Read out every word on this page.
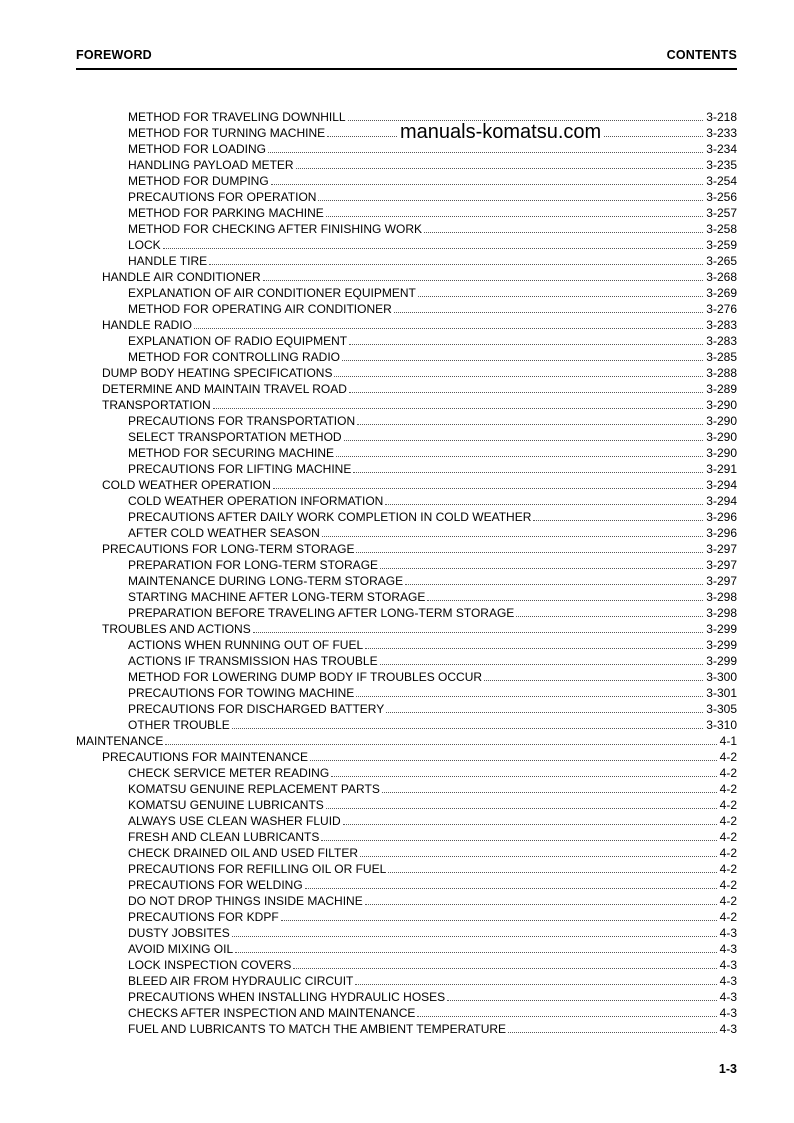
FOREWORD	CONTENTS
METHOD FOR TRAVELING DOWNHILL	3-218
METHOD FOR TURNING MACHINE	3-233
METHOD FOR LOADING	3-234
HANDLING PAYLOAD METER	3-235
METHOD FOR DUMPING	3-254
PRECAUTIONS FOR OPERATION	3-256
METHOD FOR PARKING MACHINE	3-257
METHOD FOR CHECKING AFTER FINISHING WORK	3-258
LOCK	3-259
HANDLE TIRE	3-265
HANDLE AIR CONDITIONER	3-268
EXPLANATION OF AIR CONDITIONER EQUIPMENT	3-269
METHOD FOR OPERATING AIR CONDITIONER	3-276
HANDLE RADIO	3-283
EXPLANATION OF RADIO EQUIPMENT	3-283
METHOD FOR CONTROLLING RADIO	3-285
DUMP BODY HEATING SPECIFICATIONS	3-288
DETERMINE AND MAINTAIN TRAVEL ROAD	3-289
TRANSPORTATION	3-290
PRECAUTIONS FOR TRANSPORTATION	3-290
SELECT TRANSPORTATION METHOD	3-290
METHOD FOR SECURING MACHINE	3-290
PRECAUTIONS FOR LIFTING MACHINE	3-291
COLD WEATHER OPERATION	3-294
COLD WEATHER OPERATION INFORMATION	3-294
PRECAUTIONS AFTER DAILY WORK COMPLETION IN COLD WEATHER	3-296
AFTER COLD WEATHER SEASON	3-296
PRECAUTIONS FOR LONG-TERM STORAGE	3-297
PREPARATION FOR LONG-TERM STORAGE	3-297
MAINTENANCE DURING LONG-TERM STORAGE	3-297
STARTING MACHINE AFTER LONG-TERM STORAGE	3-298
PREPARATION BEFORE TRAVELING AFTER LONG-TERM STORAGE	3-298
TROUBLES AND ACTIONS	3-299
ACTIONS WHEN RUNNING OUT OF FUEL	3-299
ACTIONS IF TRANSMISSION HAS TROUBLE	3-299
METHOD FOR LOWERING DUMP BODY IF TROUBLES OCCUR	3-300
PRECAUTIONS FOR TOWING MACHINE	3-301
PRECAUTIONS FOR DISCHARGED BATTERY	3-305
OTHER TROUBLE	3-310
MAINTENANCE	4-1
PRECAUTIONS FOR MAINTENANCE	4-2
CHECK SERVICE METER READING	4-2
KOMATSU GENUINE REPLACEMENT PARTS	4-2
KOMATSU GENUINE LUBRICANTS	4-2
ALWAYS USE CLEAN WASHER FLUID	4-2
FRESH AND CLEAN LUBRICANTS	4-2
CHECK DRAINED OIL AND USED FILTER	4-2
PRECAUTIONS FOR REFILLING OIL OR FUEL	4-2
PRECAUTIONS FOR WELDING	4-2
DO NOT DROP THINGS INSIDE MACHINE	4-2
PRECAUTIONS FOR KDPF	4-2
DUSTY JOBSITES	4-3
AVOID MIXING OIL	4-3
LOCK INSPECTION COVERS	4-3
BLEED AIR FROM HYDRAULIC CIRCUIT	4-3
PRECAUTIONS WHEN INSTALLING HYDRAULIC HOSES	4-3
CHECKS AFTER INSPECTION AND MAINTENANCE	4-3
FUEL AND LUBRICANTS TO MATCH THE AMBIENT TEMPERATURE	4-3
manuals-komatsu.com
1-3
